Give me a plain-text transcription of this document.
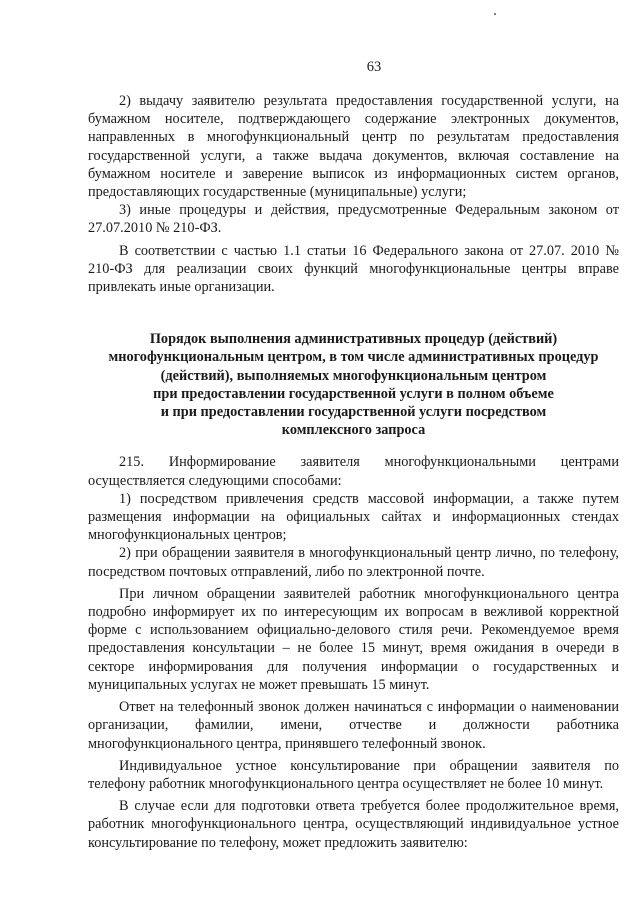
63

2) выдачу заявителю результата предоставления государственной услуги, на бумажном носителе, подтверждающего содержание электронных документов, направленных в многофункциональный центр по результатам предоставления государственной услуги, а также выдача документов, включая составление на бумажном носителе и заверение выписок из информационных систем органов, предоставляющих государственные (муниципальные) услуги;

3) иные процедуры и действия, предусмотренные Федеральным законом от 27.07.2010 № 210-ФЗ.

В соответствии с частью 1.1 статьи 16 Федерального закона от 27.07. 2010 № 210-ФЗ для реализации своих функций многофункциональные центры вправе привлекать иные организации.

Порядок выполнения административных процедур (действий)
многофункциональным центром, в том числе административных процедур
(действий), выполняемых многофункциональным центром
при предоставлении государственной услуги в полном объеме
и при предоставлении государственной услуги посредством
комплексного запроса

215. Информирование заявителя многофункциональными центрами осуществляется следующими способами:

1) посредством привлечения средств массовой информации, а также путем размещения информации на официальных сайтах и информационных стендах многофункциональных центров;

2) при обращении заявителя в многофункциональный центр лично, по телефону, посредством почтовых отправлений, либо по электронной почте.

При личном обращении заявителей работник многофункционального центра подробно информирует их по интересующим их вопросам в вежливой корректной форме с использованием официально-делового стиля речи. Рекомендуемое время предоставления консультации – не более 15 минут, время ожидания в очереди в секторе информирования для получения информации о государственных и муниципальных услугах не может превышать 15 минут.

Ответ на телефонный звонок должен начинаться с информации о наименовании организации, фамилии, имени, отчестве и должности работника многофункционального центра, принявшего телефонный звонок.

Индивидуальное устное консультирование при обращении заявителя по телефону работник многофункционального центра осуществляет не более 10 минут.

В случае если для подготовки ответа требуется более продолжительное время, работник многофункционального центра, осуществляющий индивидуальное устное консультирование по телефону, может предложить заявителю:
